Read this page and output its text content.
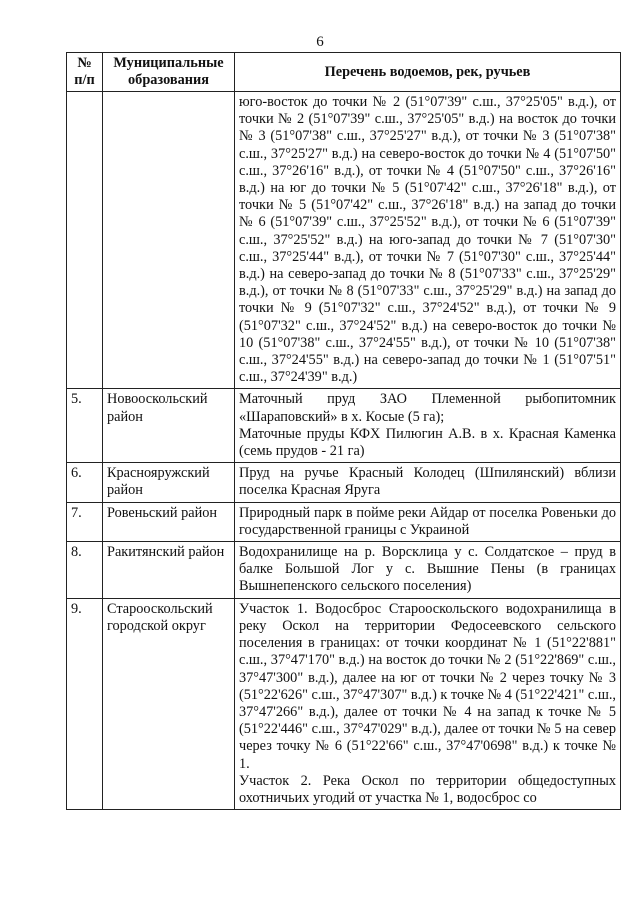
6
№ п/п	Муниципальные образования	Перечень водоемов, рек, ручьев

		юго-восток до точки № 2 (51°07'39" с.ш., 37°25'05" в.д.), от точки № 2 (51°07'39" с.ш., 37°25'05" в.д.) на восток до точки № 3 (51°07'38" с.ш., 37°25'27" в.д.), от точки № 3 (51°07'38" с.ш., 37°25'27" в.д.) на северо-восток до точки № 4 (51°07'50" с.ш., 37°26'16" в.д.), от точки № 4 (51°07'50" с.ш., 37°26'16" в.д.) на юг до точки № 5 (51°07'42" с.ш., 37°26'18" в.д.), от точки № 5 (51°07'42" с.ш., 37°26'18" в.д.) на запад до точки № 6 (51°07'39" с.ш., 37°25'52" в.д.), от точки № 6 (51°07'39" с.ш., 37°25'52" в.д.) на юго-запад до точки № 7 (51°07'30" с.ш., 37°25'44" в.д.), от точки № 7 (51°07'30" с.ш., 37°25'44" в.д.) на северо-запад до точки № 8 (51°07'33" с.ш., 37°25'29" в.д.), от точки № 8 (51°07'33" с.ш., 37°25'29" в.д.) на запад до точки № 9 (51°07'32" с.ш., 37°24'52" в.д.), от точки № 9 (51°07'32" с.ш., 37°24'52" в.д.) на северо-восток до точки № 10 (51°07'38" с.ш., 37°24'55" в.д.), от точки № 10 (51°07'38" с.ш., 37°24'55" в.д.) на северо-запад до точки № 1 (51°07'51" с.ш., 37°24'39" в.д.)

5.	Новооскольский район	Маточный пруд ЗАО Племенной рыбопитомник «Шараповский» в х. Косые (5 га);

Маточные пруды КФХ Пилюгин А.В. в х. Красная Каменка (семь прудов - 21 га)

6.	Краснояружский район	Пруд на ручье Красный Колодец (Шпилянский) вблизи поселка Красная Яруга

7.	Ровеньский район	Природный парк в пойме реки Айдар от поселка Ровеньки до государственной границы с Украиной

8.	Ракитянский район	Водохранилище на р. Ворсклица у с. Солдатское – пруд в балке Большой Лог у с. Вышние Пены (в границах Вышнепенского сельского поселения)

9.	Старооскольский городской округ	Участок 1. Водосброс Старооскольского водохранилища в реку Оскол на территории Федосеевского сельского поселения в границах: от точки координат № 1 (51°22'881" с.ш., 37°47'170" в.д.) на восток до точки № 2 (51°22'869" с.ш., 37°47'300" в.д.), далее на юг от точки № 2 через точку № 3 (51°22'626" с.ш., 37°47'307" в.д.) к точке № 4 (51°22'421" с.ш., 37°47'266" в.д.), далее от точки № 4 на запад к точке № 5 (51°22'446" с.ш., 37°47'029" в.д.), далее от точки № 5 на север через точку № 6 (51°22'66" с.ш., 37°47'0698" в.д.) к точке № 1.

Участок 2. Река Оскол по территории общедоступных охотничьих угодий от участка № 1, водосброс со
